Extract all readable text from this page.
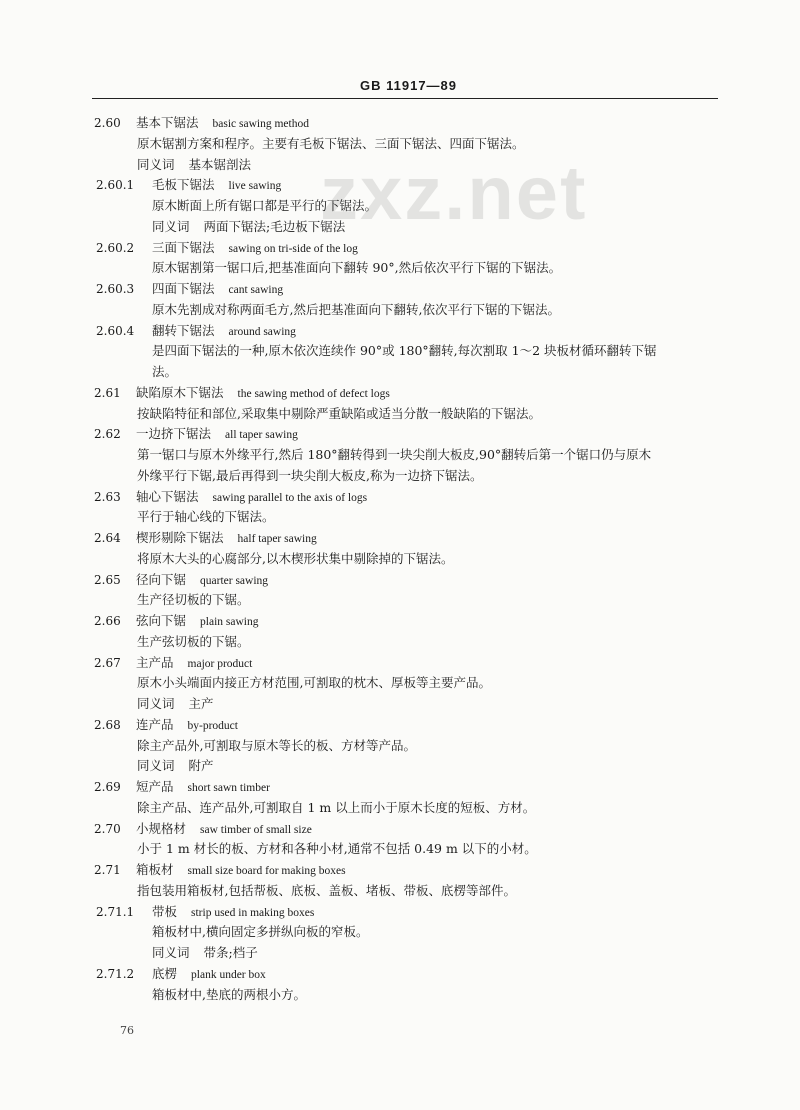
GB 11917—89
zxz.net
2.60 基本下锯法 basic sawing method
原木锯割方案和程序。主要有毛板下锯法、三面下锯法、四面下锯法。
同义词 基本锯剖法
2.60.1 毛板下锯法 live sawing
原木断面上所有锯口都是平行的下锯法。
同义词 两面下锯法;毛边板下锯法
2.60.2 三面下锯法 sawing on tri-side of the log
原木锯割第一锯口后,把基准面向下翻转 90°,然后依次平行下锯的下锯法。
2.60.3 四面下锯法 cant sawing
原木先割成对称两面毛方,然后把基准面向下翻转,依次平行下锯的下锯法。
2.60.4 翻转下锯法 around sawing
是四面下锯法的一种,原木依次连续作 90°或 180°翻转,每次割取 1～2 块板材循环翻转下锯
法。
2.61 缺陷原木下锯法 the sawing method of defect logs
按缺陷特征和部位,采取集中剔除严重缺陷或适当分散一般缺陷的下锯法。
2.62 一边挤下锯法 all taper sawing
第一锯口与原木外缘平行,然后 180°翻转得到一块尖削大板皮,90°翻转后第一个锯口仍与原木
外缘平行下锯,最后再得到一块尖削大板皮,称为一边挤下锯法。
2.63 轴心下锯法 sawing parallel to the axis of logs
平行于轴心线的下锯法。
2.64 楔形剔除下锯法 half taper sawing
将原木大头的心腐部分,以木楔形状集中剔除掉的下锯法。
2.65 径向下锯 quarter sawing
生产径切板的下锯。
2.66 弦向下锯 plain sawing
生产弦切板的下锯。
2.67 主产品 major product
原木小头端面内接正方材范围,可割取的枕木、厚板等主要产品。
同义词 主产
2.68 连产品 by-product
除主产品外,可割取与原木等长的板、方材等产品。
同义词 附产
2.69 短产品 short sawn timber
除主产品、连产品外,可割取自 1 m 以上而小于原木长度的短板、方材。
2.70 小规格材 saw timber of small size
小于 1 m 材长的板、方材和各种小材,通常不包括 0.49 m 以下的小材。
2.71 箱板材 small size board for making boxes
指包装用箱板材,包括帮板、底板、盖板、堵板、带板、底楞等部件。
2.71.1 带板 strip used in making boxes
箱板材中,横向固定多拼纵向板的窄板。
同义词 带条;档子
2.71.2 底楞 plank under box
箱板材中,垫底的两根小方。
76
